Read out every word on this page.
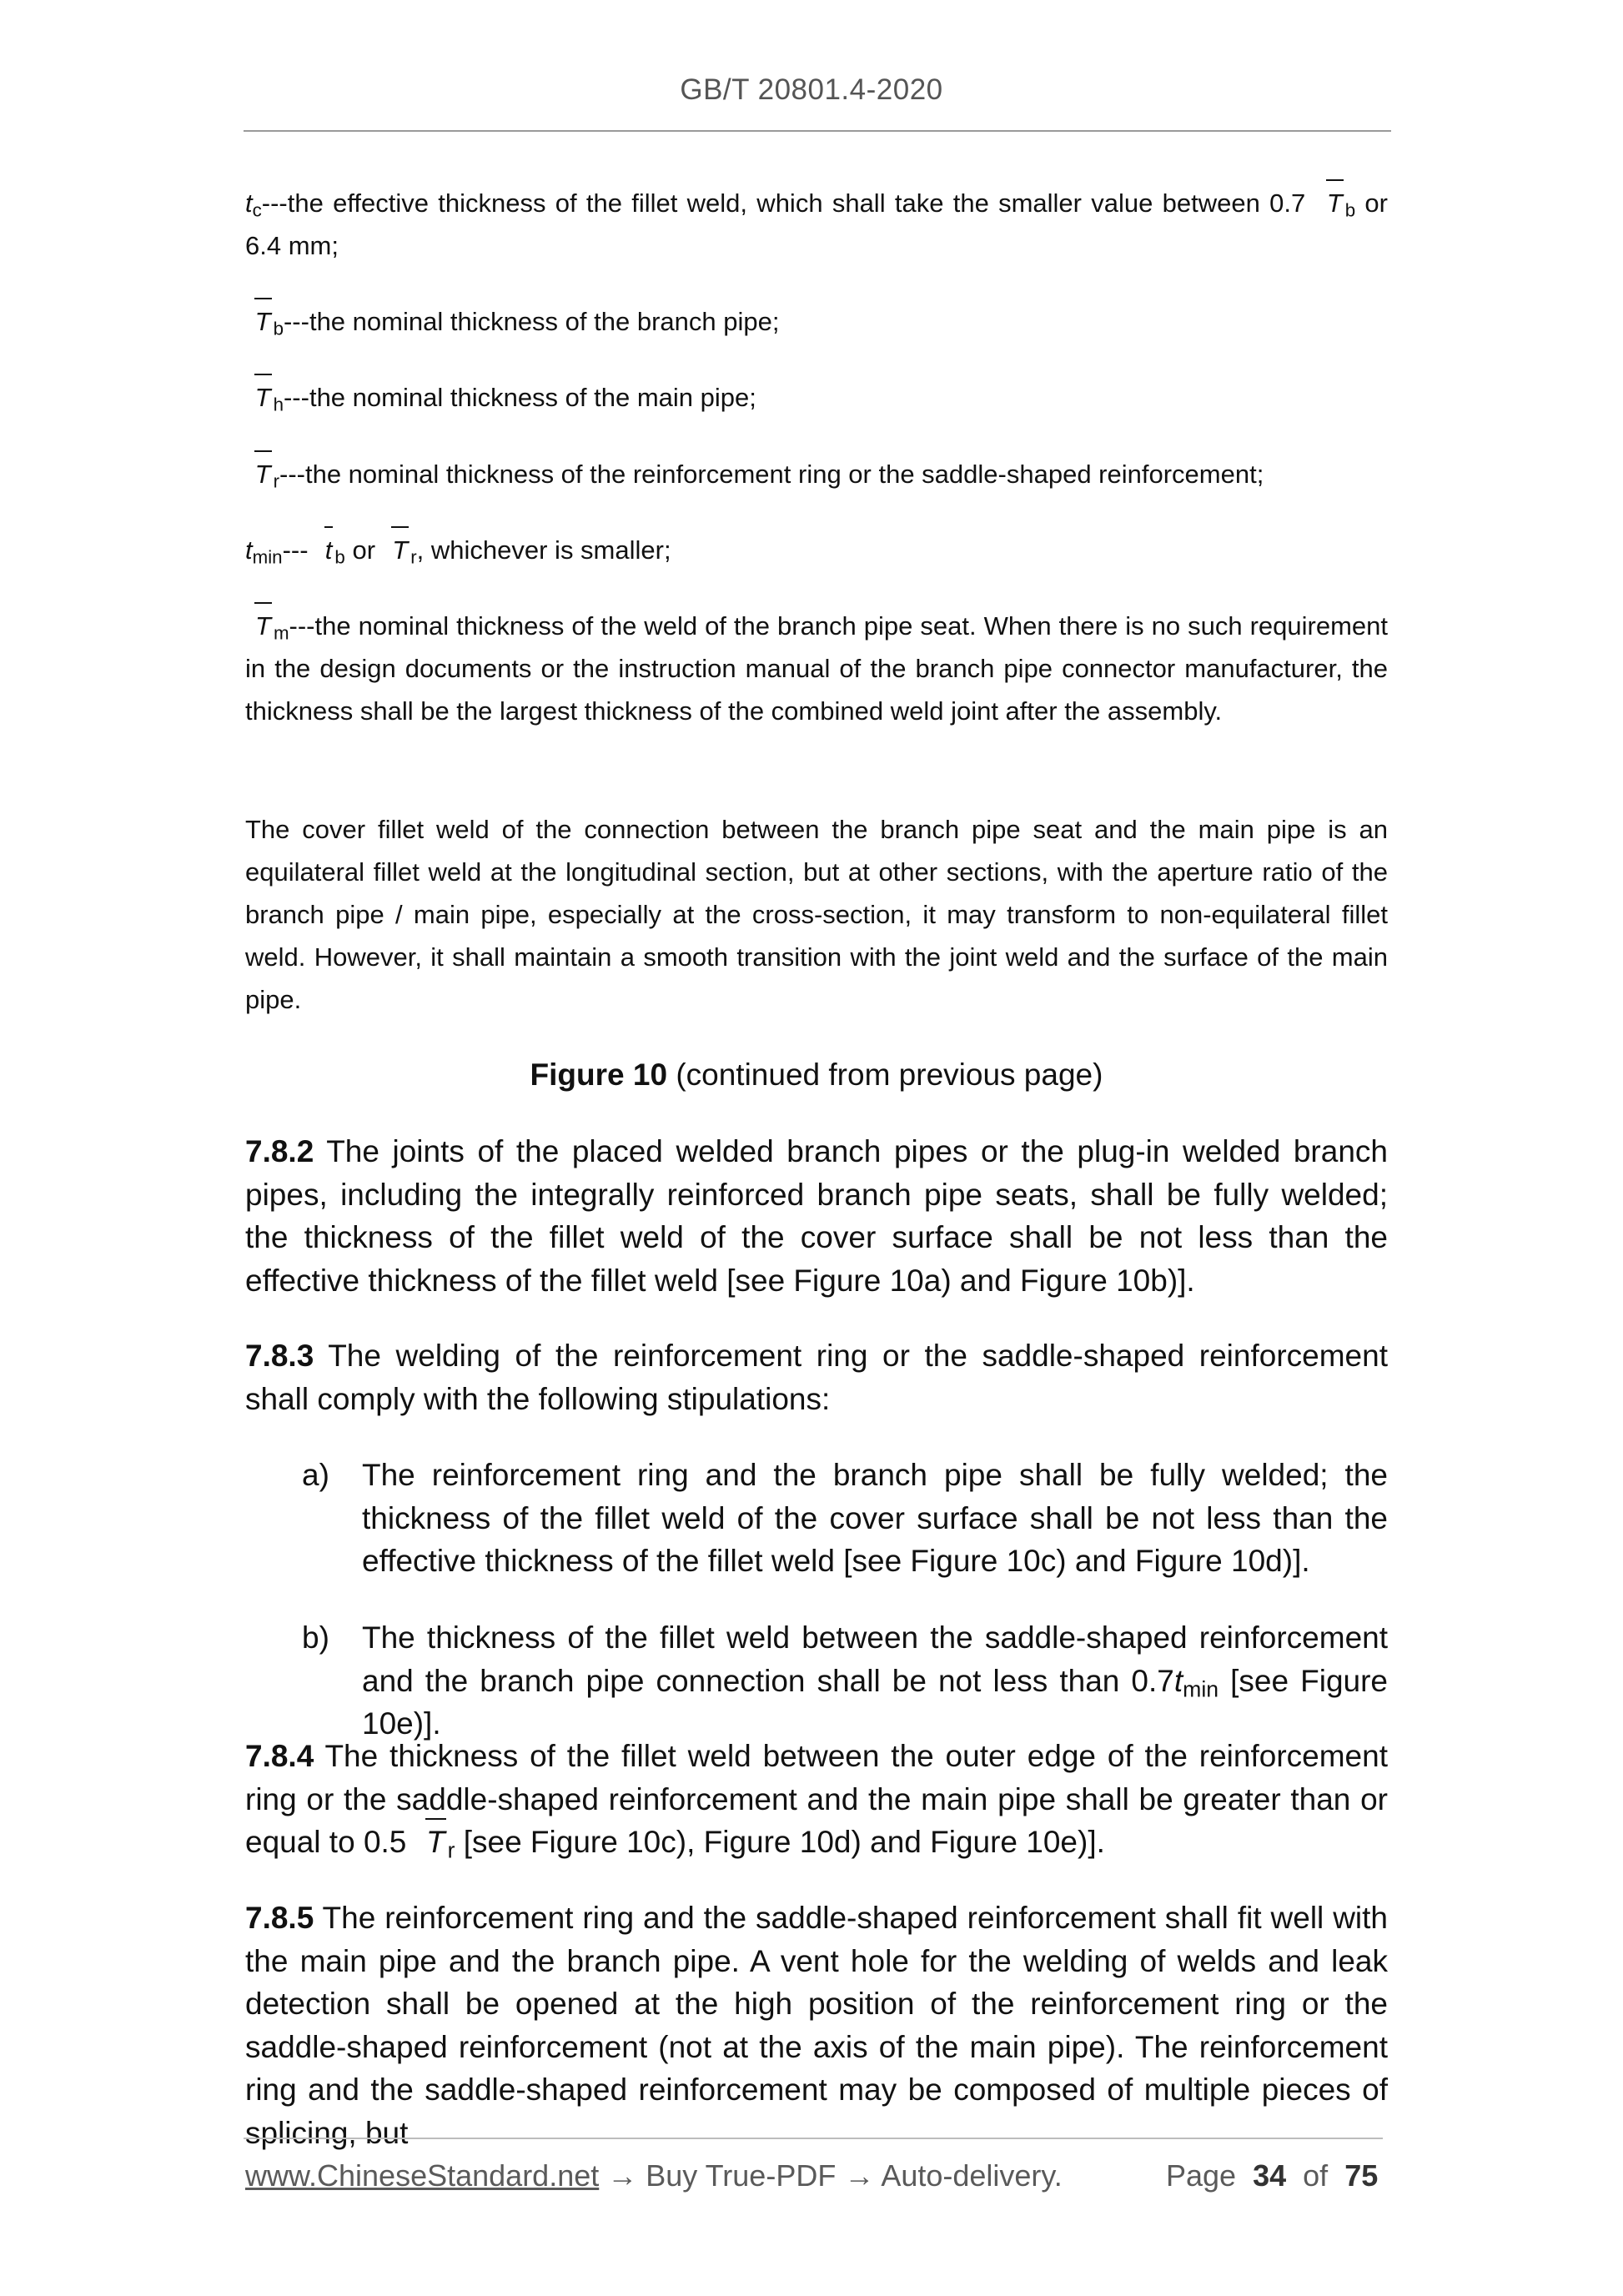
GB/T 20801.4-2020
$t_c--$-the effective thickness of the fillet weld, which shall take the smaller value between 0.7 T $_b$ or 6.4 mm;
T $_b$---the nominal thickness of the branch pipe;
T $_h$---the nominal thickness of the main pipe;
T $_r$---the nominal thickness of the reinforcement ring or the saddle-shaped reinforcement;
$t_{min}---$ t $_b$ or T $_r$, whichever is smaller;
T $_m$---the nominal thickness of the weld of the branch pipe seat. When there is no such requirement in the design documents or the instruction manual of the branch pipe connector manufacturer, the thickness shall be the largest thickness of the combined weld joint after the assembly.
The cover fillet weld of the connection between the branch pipe seat and the main pipe is an equilateral fillet weld at the longitudinal section, but at other sections, with the aperture ratio of the branch pipe / main pipe, especially at the cross-section, it may transform to non-equilateral fillet weld. However, it shall maintain a smooth transition with the joint weld and the surface of the main pipe.
Figure 10 (continued from previous page)
7.8.2 The joints of the placed welded branch pipes or the plug-in welded branch pipes, including the integrally reinforced branch pipe seats, shall be fully welded; the thickness of the fillet weld of the cover surface shall be not less than the effective thickness of the fillet weld [see Figure 10a) and Figure 10b)].
7.8.3 The welding of the reinforcement ring or the saddle-shaped reinforcement shall comply with the following stipulations:
a) The reinforcement ring and the branch pipe shall be fully welded; the thickness of the fillet weld of the cover surface shall be not less than the effective thickness of the fillet weld [see Figure 10c) and Figure 10d)].
b) The thickness of the fillet weld between the saddle-shaped reinforcement and the branch pipe connection shall be not less than $0.7t_{min}$ [see Figure 10e)].
7.8.4 The thickness of the fillet weld between the outer edge of the reinforcement ring or the saddle-shaped reinforcement and the main pipe shall be greater than or equal to 0.5 T $_r$ [see Figure 10c), Figure 10d) and Figure 10e)].
7.8.5 The reinforcement ring and the saddle-shaped reinforcement shall fit well with the main pipe and the branch pipe. A vent hole for the welding of welds and leak detection shall be opened at the high position of the reinforcement ring or the saddle-shaped reinforcement (not at the axis of the main pipe). The reinforcement ring and the saddle-shaped reinforcement may be composed of multiple pieces of splicing, but
www.ChineseStandard.net → Buy True-PDF → Auto-delivery.	Page 34 of 75
